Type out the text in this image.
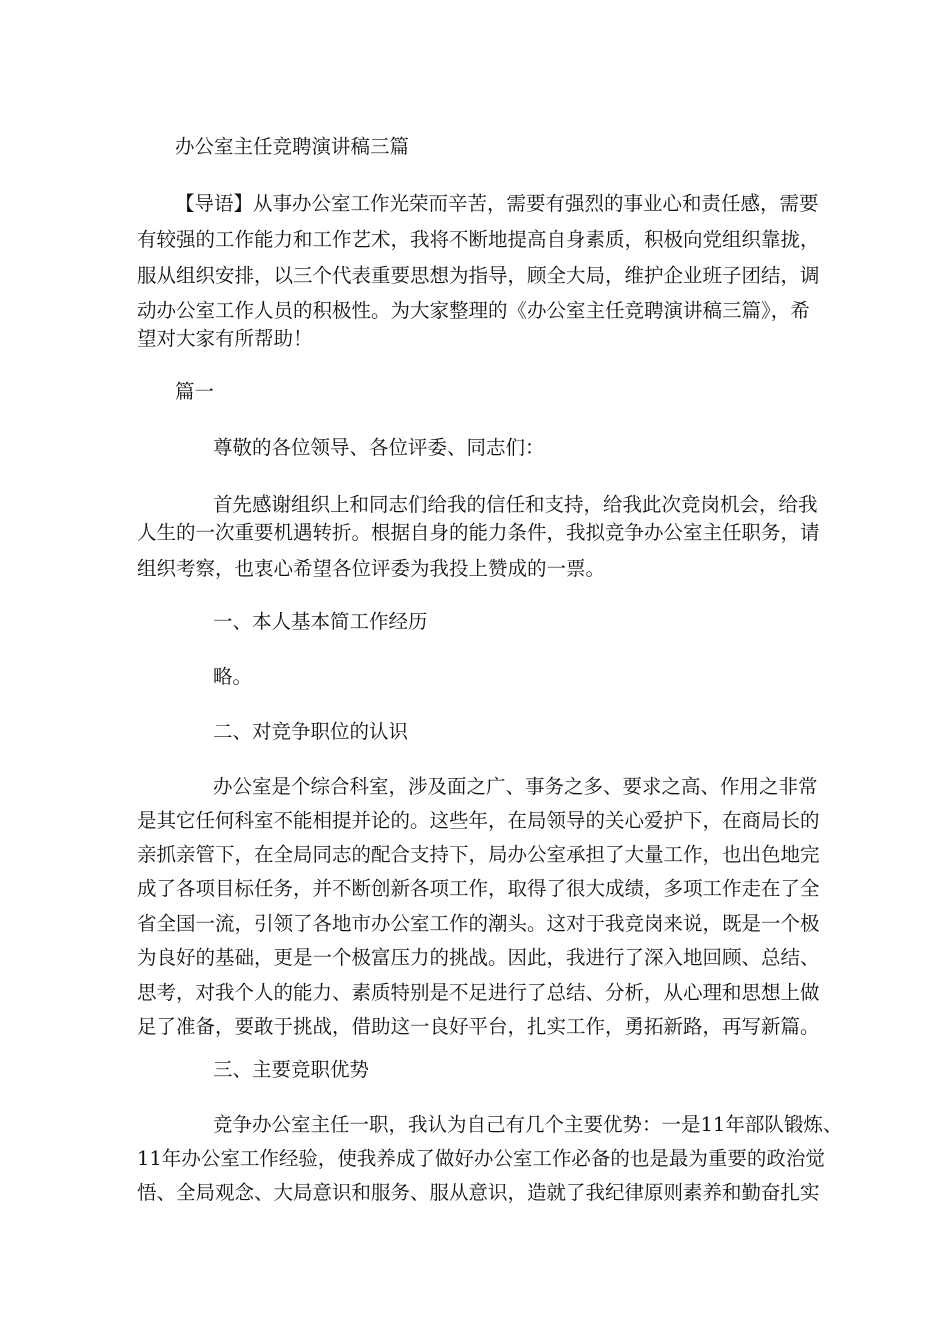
办公室主任竞聘演讲稿三篇
【导语】从事办公室工作光荣而辛苦，需要有强烈的事业心和责任感，需要
有较强的工作能力和工作艺术，我将不断地提高自身素质，积极向党组织靠拢，
服从组织安排，以三个代表重要思想为指导，顾全大局，维护企业班子团结，调
动办公室工作人员的积极性。为大家整理的《办公室主任竞聘演讲稿三篇》，希
望对大家有所帮助！
篇一
尊敬的各位领导、各位评委、同志们：
首先感谢组织上和同志们给我的信任和支持，给我此次竞岗机会，给我
人生的一次重要机遇转折。根据自身的能力条件，我拟竞争办公室主任职务，请
组织考察，也衷心希望各位评委为我投上赞成的一票。
一、本人基本简工作经历
略。
二、对竞争职位的认识
办公室是个综合科室，涉及面之广、事务之多、要求之高、作用之非常
是其它任何科室不能相提并论的。这些年，在局领导的关心爱护下，在商局长的
亲抓亲管下，在全局同志的配合支持下，局办公室承担了大量工作，也出色地完
成了各项目标任务，并不断创新各项工作，取得了很大成绩，多项工作走在了全
省全国一流，引领了各地市办公室工作的潮头。这对于我竞岗来说，既是一个极
为良好的基础，更是一个极富压力的挑战。因此，我进行了深入地回顾、总结、
思考，对我个人的能力、素质特别是不足进行了总结、分析，从心理和思想上做
足了准备，要敢于挑战，借助这一良好平台，扎实工作，勇拓新路，再写新篇。
三、主要竞职优势
竞争办公室主任一职，我认为自己有几个主要优势：一是11年部队锻炼、
11年办公室工作经验，使我养成了做好办公室工作必备的也是最为重要的政治觉
悟、全局观念、大局意识和服务、服从意识，造就了我纪律原则素养和勤奋扎实
